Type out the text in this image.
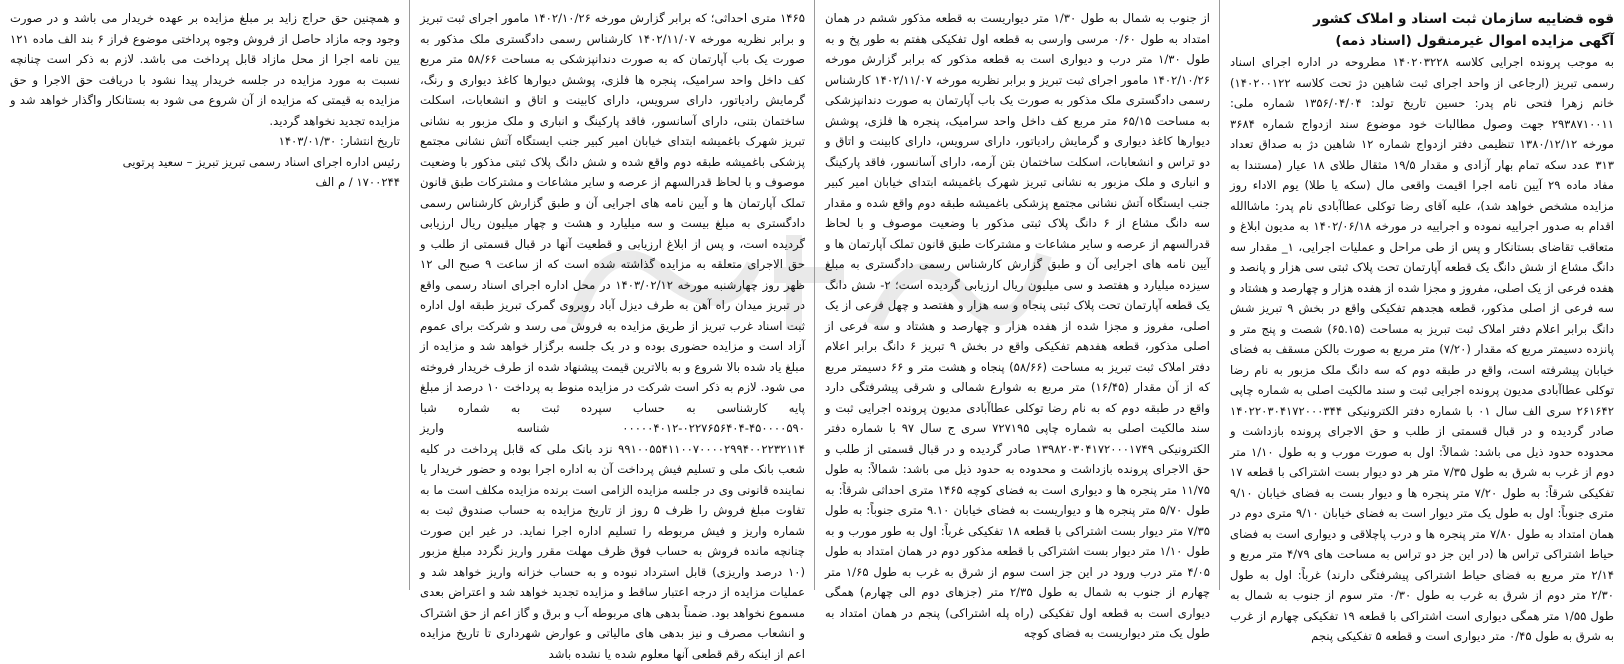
قوه قضاییه سازمان ثبت اسناد و املاک کشور

آگهی مزایده اموال غیرمنقول (اسناد ذمه)

به موجب پرونده اجرایی کلاسه ۱۴۰۲۰۳۲۲۸ مطروحه در اداره اجرای اسناد رسمی تبریز (ارجاعی از واحد اجرای ثبت شاهین دژ تحت کلاسه ۱۴۰۲۰۰۱۲۲) خانم زهرا فتحی نام پدر: حسین تاریخ تولد: ۱۳۵۶/۰۴/۰۴ شماره ملی: ۲۹۳۸۷۱۰۰۱۱ جهت وصول مطالبات خود موضوع سند ازدواج شماره ۳۶۸۴ مورخه ۱۳۸۰/۱۲/۱۲ تنظیمی دفتر ازدواج شماره ۱۲ شاهین دژ به صداق تعداد ۳۱۳ عدد سکه تمام بهار آزادی و مقدار ۱۹/۵ مثقال طلای ۱۸ عیار (مستندا به مفاد ماده ۲۹ آیین نامه اجرا اقیمت واقعی مال (سکه یا طلا) یوم الاداء روز مزایده مشخص خواهد شد)، علیه آقای رضا توکلی عطاآبادی نام پدر: ماشاالله اقدام به صدور اجراییه نموده و اجراییه در مورخه ۱۴۰۲/۰۶/۱۸ به مدیون ابلاغ و متعاقب تقاضای بستانکار و پس از طی مراحل و عملیات اجرایی، ۱_ مقدار سه دانگ مشاع از شش دانگ یک قطعه آپارتمان تحت پلاک ثبتی سی هزار و پانصد و هفده فرعی از یک اصلی، مفروز و مجزا شده از هفده هزار و چهارصد و هشتاد و سه فرعی از اصلی مذکور، قطعه هجدهم تفکیکی واقع در بخش ۹ تبریز شش دانگ برابر اعلام دفتر املاک ثبت تبریز به مساحت (۶۵.۱۵) شصت و پنج متر و پانزده دسیمتر مربع که مقدار (۷/۲۰) متر مربع به صورت بالکن مسقف به فضای خیابان پیشرفته است، واقع در طبقه دوم که سه دانگ ملک مزبور به نام رضا توکلی عطاآبادی مدیون پرونده اجرایی ثبت و سند مالکیت اصلی به شماره چاپی ۲۶۱۶۴۲ سری الف سال ۰۱ با شماره دفتر الکترونیکی ۱۴۰۲۲۰۳۰۴۱۷۲۰۰۰۳۴۴ صادر گردیده و در قبال قسمتی از طلب و حق الاجرای پرونده بازداشت و محدوده حدود ذیل می باشد: شمالاً: اول به صورت مورب و به طول ۱/۱۰ متر دوم از غرب به شرق به طول ۷/۳۵ متر هر دو دیوار بست اشتراکی با قطعه ۱۷ تفکیکی شرقاً: به طول ۷/۲۰ متر پنجره ها و دیوار بست به فضای خیابان ۹/۱۰ متری جنوباً: اول به طول یک متر دیوار است به فضای خیابان ۹/۱۰ متری دوم در همان امتداد به طول ۷/۸۰ متر پنجره ها و درب پاچلاقی و دیواری است به فضای حیاط اشتراکی تراس ها (در این جز دو تراس به مساحت های ۴/۷۹ متر مربع و ۲/۱۴ متر مربع به فضای حیاط اشتراکی پیشرفتگی دارند) غرباً: اول به طول ۲/۳۰ متر دوم از شرق به غرب به طول ۰/۳۰ متر سوم از جنوب به شمال به طول ۱/۵۵ متر همگی دیواری است اشتراکی با قطعه ۱۹ تفکیکی چهارم از غرب به شرق به طول ۰/۴۵ متر دیواری است و قطعه ۵ تفکیکی پنجم

از جنوب به شمال به طول ۱/۳۰ متر دیواریست به قطعه مذکور ششم در همان امتداد به طول ۰/۶۰ مرسی وارسی به قطعه اول تفکیکی هفتم به طور پخ و به طول ۱/۳۰ متر درب و دیواری است به قطعه مذکور که برابر گزارش مورخه ۱۴۰۲/۱۰/۲۶ مامور اجرای ثبت تبریز و برابر نظریه مورخه ۱۴۰۲/۱۱/۰۷ کارشناس رسمی دادگستری ملک مذکور به صورت یک باب آپارتمان به صورت دندانپزشکی به مساحت ۶۵/۱۵ متر مربع کف داخل واحد سرامیک، پنجره ها فلزی، پوشش دیوارها کاغذ دیواری و گرمایش رادیاتور، دارای سرویس، دارای کابینت و اتاق و دو تراس و انشعابات، اسکلت ساختمان بتن آرمه، دارای آسانسور، فاقد پارکینگ و انباری و ملک مزبور به نشانی تبریز شهرک باغمیشه ابتدای خیابان امیر کبیر جنب ایستگاه آتش نشانی مجتمع پزشکی باغمیشه طبقه دوم واقع شده و مقدار سه دانگ مشاع از ۶ دانگ پلاک ثبتی مذکور با وضعیت موصوف و با لحاظ قدرالسهم از عرصه و سایر مشاعات و مشترکات طبق قانون تملک آپارتمان ها و آیین نامه های اجرایی آن و طبق گزارش کارشناس رسمی دادگستری به مبلغ سیزده میلیارد و هفتصد و سی میلیون ریال ارزیابی گردیده است؛ ۲- شش دانگ یک قطعه آپارتمان تحت پلاک ثبتی پنجاه و سه هزار و هفتصد و چهل فرعی از یک اصلی، مفروز و مجزا شده از هفده هزار و چهارصد و هشتاد و سه فرعی از اصلی مذکور، قطعه هفدهم تفکیکی واقع در بخش ۹ تبریز ۶ دانگ برابر اعلام دفتر املاک ثبت تبریز به مساحت (۵۸/۶۶) پنجاه و هشت متر و ۶۶ دسیمتر مربع که از آن مقدار (۱۶/۴۵) متر مربع به شوارع شمالی و شرقی پیشرفتگی دارد واقع در طبقه دوم که به نام رضا توکلی عطاآبادی مدیون پرونده اجرایی ثبت و سند مالکیت اصلی به شماره چاپی ۷۲۷۱۹۵ سری ج سال ۹۷ با شماره دفتر الکترونیکی ۱۳۹۸۲۰۳۰۴۱۷۲۰۰۰۱۷۴۹ صادر گردیده و در قبال قسمتی از طلب و حق الاجرای پرونده بازداشت و محدوده به حدود ذیل می باشد: شمالاً: به طول ۱۱/۷۵ متر پنجره ها و دیواری است به فضای کوچه ۱۴۶۵ متری احداثی شرقاً: به طول ۵/۷۰ متر پنجره ها و دیواریست به فضای خیابان ۹.۱۰ متری جنوباً: به طول ۷/۳۵ متر دیوار بست اشتراکی با قطعه ۱۸ تفکیکی غرباً: اول به طور مورب و به طول ۱/۱۰ متر دیوار بست اشتراکی با قطعه مذکور دوم در همان امتداد به طول ۴/۰۵ متر درب ورود در این جز است سوم از شرق به غرب به طول ۱/۶۵ متر چهارم از جنوب به شمال به طول ۲/۳۵ متر (جزهای دوم الی چهارم) همگی دیواری است به قطعه اول تفکیکی (راه پله اشتراکی) پنجم در همان امتداد به طول یک متر دیواریست به فضای کوچه

۱۴۶۵ متری احداثی؛ که برابر گزارش مورخه ۱۴۰۲/۱۰/۲۶ مامور اجرای ثبت تبریز و برابر نظریه مورخه ۱۴۰۲/۱۱/۰۷ کارشناس رسمی دادگستری ملک مذکور به صورت یک باب آپارتمان که به صورت دندانپزشکی به مساحت ۵۸/۶۶ متر مربع کف داخل واحد سرامیک، پنجره ها فلزی، پوشش دیوارها کاغذ دیواری و رنگ، گرمایش رادیاتور، دارای سرویس، دارای کابینت و اتاق و انشعابات، اسکلت ساختمان بتنی، دارای آسانسور، فاقد پارکینگ و انباری و ملک مزبور به نشانی تبریز شهرک باغمیشه ابتدای خیابان امیر کبیر جنب ایستگاه آتش نشانی مجتمع پزشکی باغمیشه طبقه دوم واقع شده و شش دانگ پلاک ثبتی مذکور با وضعیت موصوف و با لحاظ قدرالسهم از عرصه و سایر مشاعات و مشترکات طبق قانون تملک آپارتمان ها و آیین نامه های اجرایی آن و طبق گزارش کارشناس رسمی دادگستری به مبلغ بیست و سه میلیارد و هشت و چهار میلیون ریال ارزیابی گردیده است، و پس از ابلاغ ارزیابی و قطعیت آنها در قبال قسمتی از طلب و حق الاجرای متعلقه به مزایده گذاشته شده است که از ساعت ۹ صبح الی ۱۲ ظهر روز چهارشنبه مورخه ۱۴۰۳/۰۲/۱۲ در محل اداره اجرای اسناد رسمی واقع در تبریز میدان راه آهن به طرف دیزل آباد روبروی گمرک تبریز طبقه اول اداره ثبت اسناد غرب تبریز از طریق مزایده به فروش می رسد و شرکت برای عموم آزاد است و مزایده حضوری بوده و در یک جلسه برگزار خواهد شد و مزایده از مبلغ یاد شده بالا شروع و به بالاترین قیمت پیشنهاد شده از طرف خریدار فروخته می شود. لازم به ذکر است شرکت در مزایده منوط به پرداخت ۱۰ درصد از مبلغ پایه کارشناسی به حساب سپرده ثبت به شماره شبا ۴۵۰۰۰۰۵۹۰-۰۲۲۷۶۵۶۴۰۴-۰۰۰۰۰۴۰۱۲ شناسه واریز ۹۹۱۰۰۵۵۴۱۱۰۰۷۰۰۰۰۲۹۹۴۰۰۲۲۳۲۱۱۴ نزد بانک ملی که قابل پرداخت در کلیه شعب بانک ملی و تسلیم فیش پرداخت آن به اداره اجرا بوده و حضور خریدار یا نماینده قانونی وی در جلسه مزایده الزامی است برنده مزایده مکلف است ما به تفاوت مبلغ فروش را ظرف ۵ روز از تاریخ مزایده به حساب صندوق ثبت به شماره واریز و فیش مربوطه را تسلیم اداره اجرا نماید. در غیر این صورت چنانچه مانده فروش به حساب فوق ظرف مهلت مقرر واریز نگردد مبلغ مزبور (۱۰ درصد واریزی) قابل استرداد نبوده و به حساب خزانه واریز خواهد شد و عملیات مزایده از درجه اعتبار ساقط و مزایده تجدید خواهد شد و اعتراض بعدی مسموع نخواهد بود. ضمناً بدهی های مربوطه آب و برق و گاز اعم از حق اشتراک و انشعاب مصرف و نیز بدهی های مالیاتی و عوارض شهرداری تا تاریخ مزایده اعم از اینکه رقم قطعی آنها معلوم شده یا نشده باشد

و همچنین حق حراج زاید بر مبلغ مزایده بر عهده خریدار می باشد و در صورت وجود وجه مازاد حاصل از فروش وجوه پرداختی موضوع فراز ۶ بند الف ماده ۱۲۱ یین نامه اجرا از محل مازاد قابل پرداخت می باشد. لازم به ذکر است چنانچه نسبت به مورد مزایده در جلسه خریدار پیدا نشود با دریافت حق الاجرا و حق مزایده به قیمتی که مزایده از آن شروع می شود به بستانکار واگذار خواهد شد و مزایده تجدید نخواهد گردید.

تاریخ انتشار: ۱۴۰۳/۰۱/۳۰

رئیس اداره اجرای اسناد رسمی تبریز تبریز – سعید پرتویی

۱۷۰۰۲۴۴ / م الف
